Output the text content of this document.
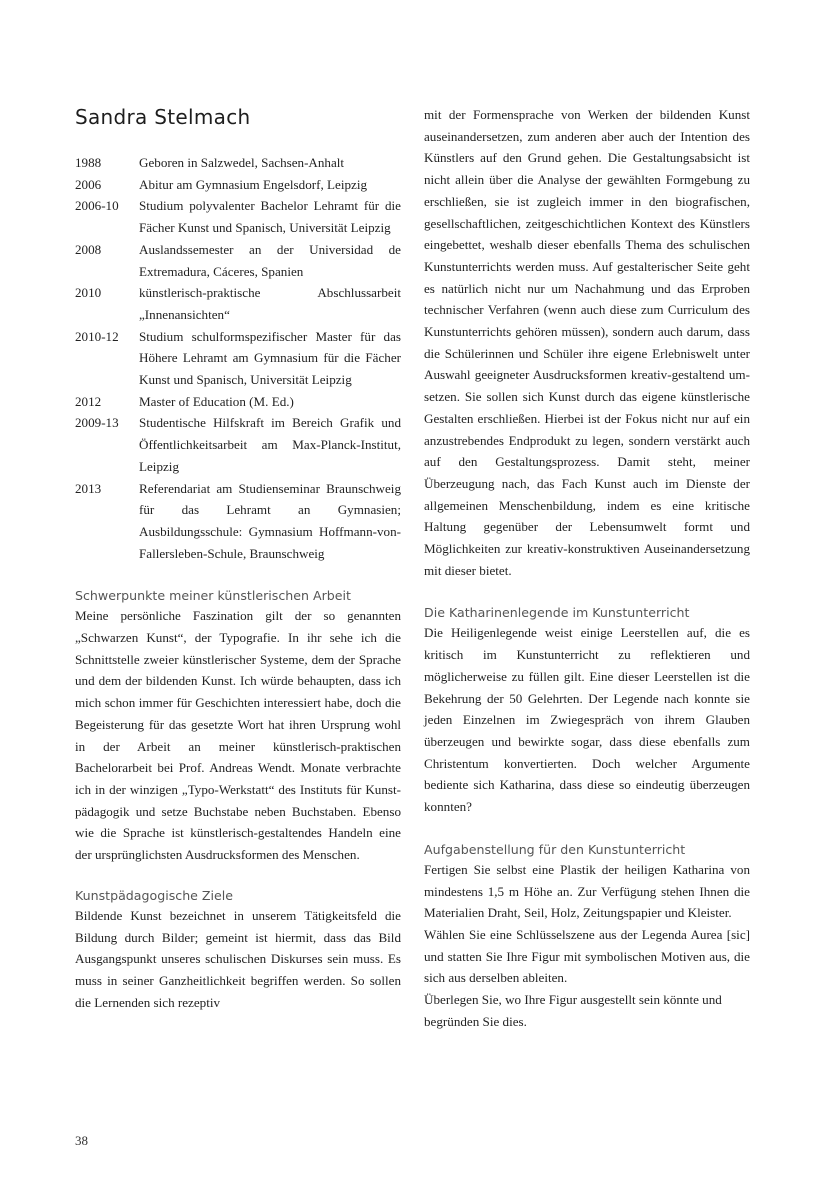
Sandra Stelmach
1988	Geboren in Salzwedel, Sachsen-Anhalt
2006	Abitur am Gymnasium Engelsdorf, Leipzig
2006-10	Studium polyvalenter Bachelor Lehramt für die Fächer Kunst und Spanisch, Universität Leipzig
2008	Auslandssemester an der Universidad de Extremadura, Cáceres, Spanien
2010	künstlerisch-praktische Abschlussarbeit „Innenansichten“
2010-12	Studium schulformspezifischer Master für das Höhere Lehramt am Gymnasium für die Fächer Kunst und Spanisch, Universität Leipzig
2012	Master of Education (M. Ed.)
2009-13	Studentische Hilfskraft im Bereich Grafik und Öffentlichkeitsarbeit am Max-Planck-Institut, Leipzig
2013	Referendariat am Studienseminar Braunschweig für das Lehramt an Gymnasien; Ausbildungsschule: Gymnasium Hoffmann-von-Fallersleben-Schule, Braunschweig
Schwerpunkte meiner künstlerischen Arbeit

Meine persönliche Faszination gilt der so genannten „Schwarzen Kunst“, der Typografie. In ihr sehe ich die Schnittstelle zweier künstlerischer Systeme, dem der Sprache und dem der bildenden Kunst. Ich würde behaupten, dass ich mich schon immer für Geschichten interessiert habe, doch die Begeisterung für das gesetzte Wort hat ihren Ursprung wohl in der Arbeit an meiner künstlerisch-praktischen Bachelorarbeit bei Prof. Andreas Wendt. Monate verbrachte ich in der winzigen „Typo-Werkstatt“ des Instituts für Kunstpädagogik und setze Buchstabe neben Buchstaben. Ebenso wie die Sprache ist künstlerisch-gestaltendes Handeln eine der ursprünglichsten Ausdrucksformen des Menschen.

Kunstpädagogische Ziele

Bildende Kunst bezeichnet in unserem Tätigkeitsfeld die Bildung durch Bilder; gemeint ist hiermit, dass das Bild Ausgangspunkt unseres schulischen Diskurses sein muss. Es muss in seiner Ganzheitlichkeit begriffen werden. So sollen die Lernenden sich rezeptiv

mit der Formensprache von Werken der bildenden Kunst auseinandersetzen, zum anderen aber auch der Intention des Künstlers auf den Grund gehen. Die Gestaltungsabsicht ist nicht allein über die Analyse der gewählten Formgebung zu erschließen, sie ist zugleich immer in den biografischen, gesellschaftlichen, zeitgeschichtlichen Kontext des Künstlers eingebettet, weshalb dieser ebenfalls Thema des schulischen Kunstunterrichts werden muss. Auf gestalterischer Seite geht es natürlich nicht nur um Nachahmung und das Erproben technischer Verfahren (wenn auch diese zum Curriculum des Kunstunterrichts gehören müssen), sondern auch darum, dass die Schülerinnen und Schüler ihre eigene Erlebniswelt unter Auswahl geeigneter Ausdrucksformen kreativ-gestaltend umsetzen. Sie sollen sich Kunst durch das eigene künstlerische Gestalten erschließen. Hierbei ist der Fokus nicht nur auf ein anzustrebendes Endprodukt zu legen, sondern verstärkt auch auf den Gestaltungsprozess. Damit steht, meiner Überzeugung nach, das Fach Kunst auch im Dienste der allgemeinen Menschenbildung, indem es eine kritische Haltung gegenüber der Lebensumwelt formt und Möglichkeiten zur kreativ-konstruktiven Auseinandersetzung mit dieser bietet.

Die Katharinenlegende im Kunstunterricht

Die Heiligenlegende weist einige Leerstellen auf, die es kritisch im Kunstunterricht zu reflektieren und möglicherweise zu füllen gilt. Eine dieser Leerstellen ist die Bekehrung der 50 Gelehrten. Der Legende nach konnte sie jeden Einzelnen im Zwiegespräch von ihrem Glauben überzeugen und bewirkte sogar, dass diese ebenfalls zum Christentum konvertierten. Doch welcher Argumente bediente sich Katharina, dass diese so eindeutig überzeugen konnten?

Aufgabenstellung für den Kunstunterricht

Fertigen Sie selbst eine Plastik der heiligen Katharina von mindestens 1,5 m Höhe an. Zur Verfügung stehen Ihnen die Materialien Draht, Seil, Holz, Zeitungspapier und Kleister.

Wählen Sie eine Schlüsselszene aus der Legenda Aurea [sic] und statten Sie Ihre Figur mit symbolischen Motiven aus, die sich aus derselben ableiten.

Überlegen Sie, wo Ihre Figur ausgestellt sein könnte und begründen Sie dies.

38
